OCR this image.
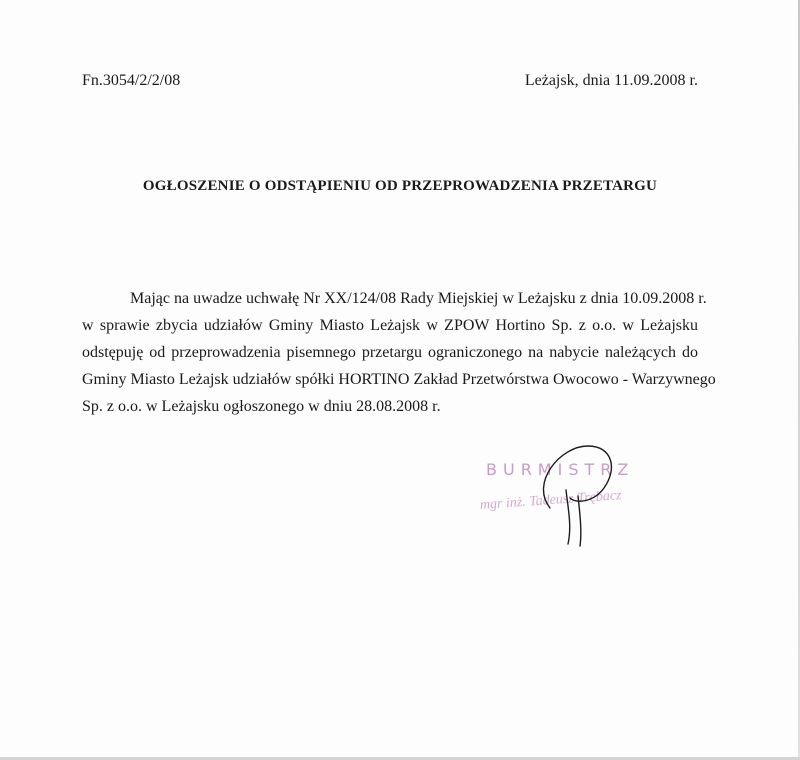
Fn.3054/2/2/08	Leżajsk, dnia 11.09.2008 r.
OGŁOSZENIE O ODSTĄPIENIU OD PRZEPROWADZENIA PRZETARGU
Mając na uwadze uchwałę Nr XX/124/08 Rady Miejskiej w Leżajsku z dnia 10.09.2008 r.
w sprawie zbycia udziałów Gminy Miasto Leżajsk w ZPOW Hortino Sp. z o.o. w Leżajsku
odstępuję od przeprowadzenia pisemnego przetargu ograniczonego na nabycie należących do
Gminy Miasto Leżajsk udziałów spółki HORTINO Zakład Przetwórstwa Owocowo - Warzywnego
Sp. z o.o. w Leżajsku ogłoszonego w dniu 28.08.2008 r.
BURMISTRZ
mgr inż. Tadeusz Trębacz
